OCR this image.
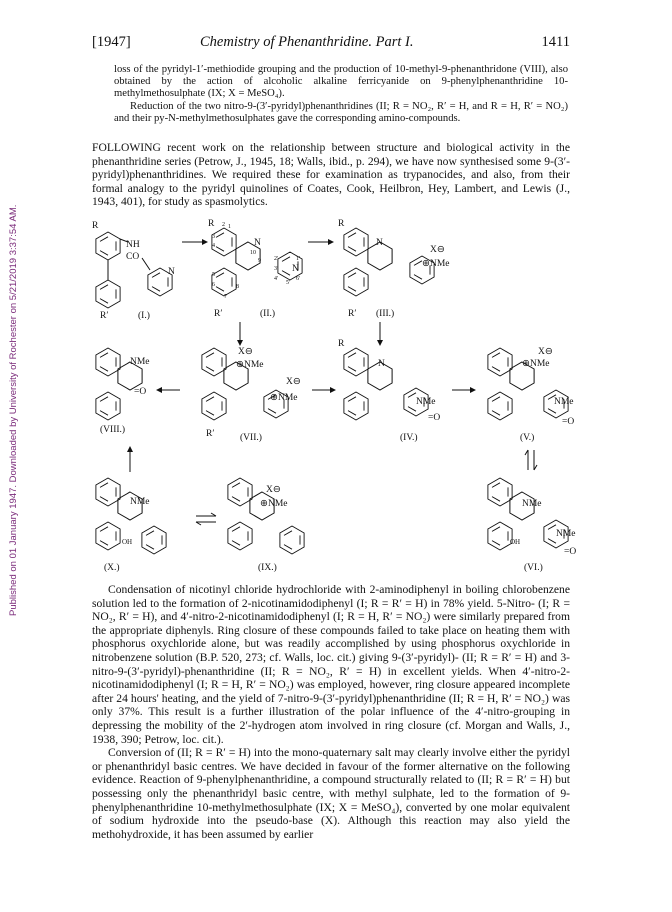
Published on 01 January 1947. Downloaded by University of Rochester on 5/21/2019 3:37:54 AM.
[1947]	Chemistry of Phenanthridine. Part I.	1411

loss of the pyridyl-1′-methiodide grouping and the production of 10-methyl-9-phenanthridone (VIII), also obtained by the action of alcoholic alkaline ferricyanide on 9-phenylphenanthridine 10-methylmethosulphate (IX; X = MeSO₄).

Reduction of the two nitro-9-(3′-pyridyl)phenanthridines (II; R = NO₂, R′ = H, and R = H, R′ = NO₂) and their py-N-methylmethosulphates gave the corresponding amino-compounds.

FOLLOWING recent work on the relationship between structure and biological activity in the phenanthridine series (Petrow, J., 1945, 18; Walls, ibid., p. 294), we have now synthesised some 9-(3′-pyridyl)phenanthridines. We required these for examination as trypanocides, and also, from their formal analogy to the pyridyl quinolines of Coates, Cook, Heilbron, Hey, Lambert, and Lewis (J., 1943, 401), for study as spasmolytics.

R
NH
CO
N
R′	(I.)
R 2
3
4
5
6
7
8
9
10
1
N
N
2′
3′
4′
5′
6′
1′
R′	(II.)
R
N
X⊖
⊕NMe
R′ (III.)
NMe
=O
(VIII.)
X⊖
⊕NMe
X⊖
⊕NMe
R′	(VII.)
R
N
NMe
=O
(IV.)
X⊖
⊕NMe
NMe
=O
(V.)
NMe
OH
(X.)
X⊖
⊕NMe
(IX.)
NMe
OH
NMe
=O
(VI.)

Condensation of nicotinyl chloride hydrochloride with 2-aminodiphenyl in boiling chlorobenzene solution led to the formation of 2-nicotinamidodiphenyl (I; R = R′ = H) in 78% yield. 5-Nitro- (I; R = NO₂, R′ = H), and 4′-nitro-2-nicotinamidodiphenyl (I; R = H, R′ = NO₂) were similarly prepared from the appropriate diphenyls. Ring closure of these compounds failed to take place on heating them with phosphorus oxychloride alone, but was readily accomplished by using phosphorus oxychloride in nitrobenzene solution (B.P. 520, 273; cf. Walls, loc. cit.) giving 9-(3′-pyridyl)- (II; R = R′ = H) and 3-nitro-9-(3′-pyridyl)-phenanthridine (II; R = NO₂, R′ = H) in excellent yields. When 4′-nitro-2-nicotinamidodiphenyl (I; R = H, R′ = NO₂) was employed, however, ring closure appeared incomplete after 24 hours' heating, and the yield of 7-nitro-9-(3′-pyridyl)phenanthridine (II; R = H, R′ = NO₂) was only 37%. This result is a further illustration of the polar influence of the 4′-nitro-grouping in depressing the mobility of the 2′-hydrogen atom involved in ring closure (cf. Morgan and Walls, J., 1938, 390; Petrow, loc. cit.).

Conversion of (II; R = R′ = H) into the mono-quaternary salt may clearly involve either the pyridyl or phenanthridyl basic centres. We have decided in favour of the former alternative on the following evidence. Reaction of 9-phenylphenanthridine, a compound structurally related to (II; R = R′ = H) but possessing only the phenanthridyl basic centre, with methyl sulphate, led to the formation of 9-phenylphenanthridine 10-methylmethosulphate (IX; X = MeSO₄), converted by one molar equivalent of sodium hydroxide into the pseudo-base (X). Although this reaction may also yield the methohydroxide, it has been assumed by earlier
